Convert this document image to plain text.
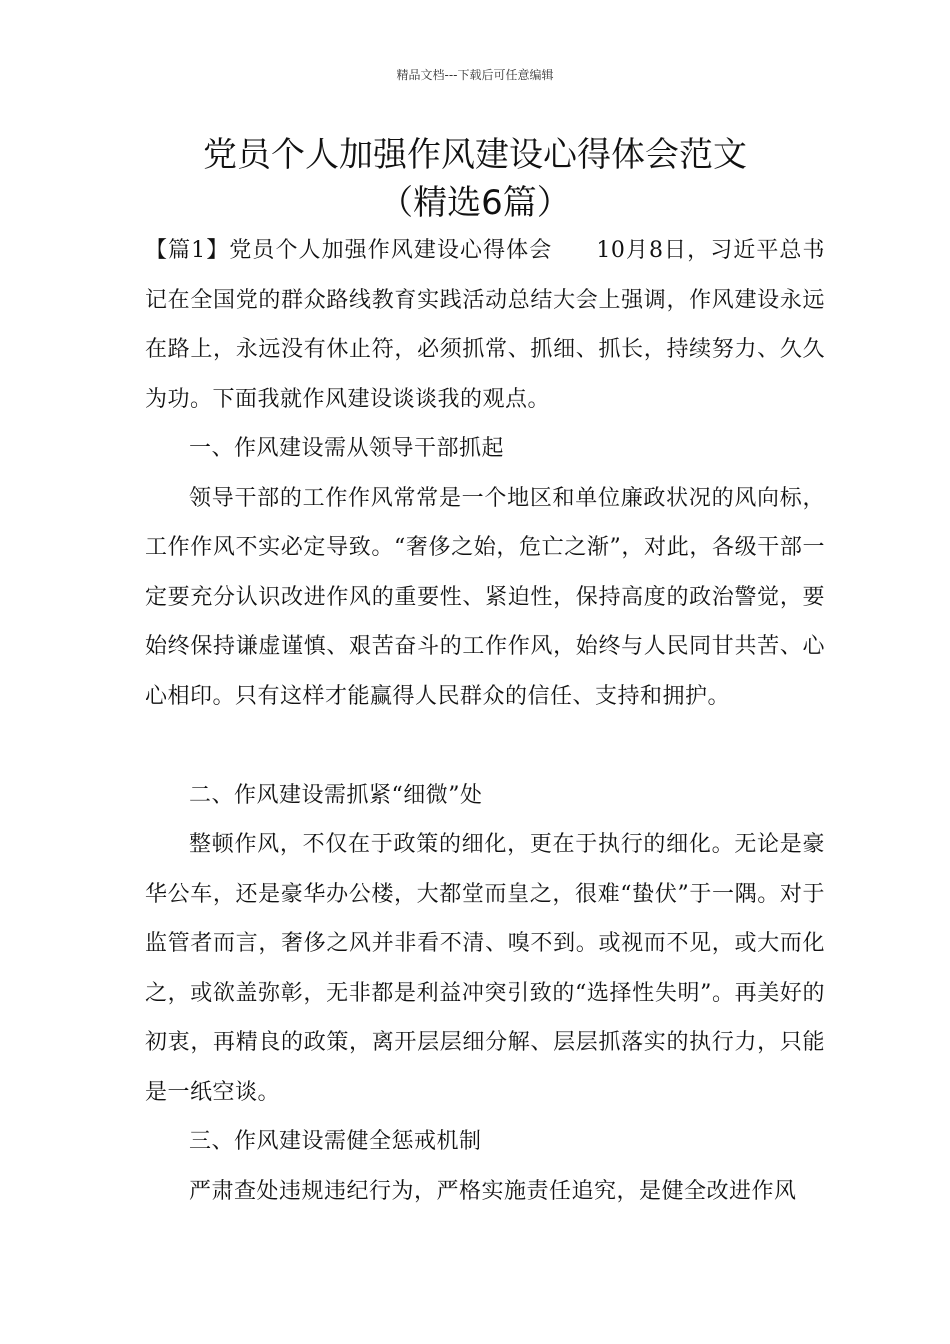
精品文档---下载后可任意编辑
党员个人加强作风建设心得体会范文
（精选6篇）

【篇1】党员个人加强作风建设心得体会 10月8日，习近平总书记在全国党的群众路线教育实践活动总结大会上强调，作风建设永远在路上，永远没有休止符，必须抓常、抓细、抓长，持续努力、久久为功。下面我就作风建设谈谈我的观点。

一、作风建设需从领导干部抓起

领导干部的工作作风常常是一个地区和单位廉政状况的风向标，工作作风不实必定导致。“奢侈之始，危亡之渐”，对此，各级干部一定要充分认识改进作风的重要性、紧迫性，保持高度的政治警觉，要始终保持谦虚谨慎、艰苦奋斗的工作作风，始终与人民同甘共苦、心心相印。只有这样才能赢得人民群众的信任、支持和拥护。

二、作风建设需抓紧“细微”处

整顿作风，不仅在于政策的细化，更在于执行的细化。无论是豪华公车，还是豪华办公楼，大都堂而皇之，很难“蛰伏”于一隅。对于监管者而言，奢侈之风并非看不清、嗅不到。或视而不见，或大而化之，或欲盖弥彰，无非都是利益冲突引致的“选择性失明”。再美好的初衷，再精良的政策，离开层层细分解、层层抓落实的执行力，只能是一纸空谈。

三、作风建设需健全惩戒机制

严肃查处违规违纪行为，严格实施责任追究，是健全改进作风
